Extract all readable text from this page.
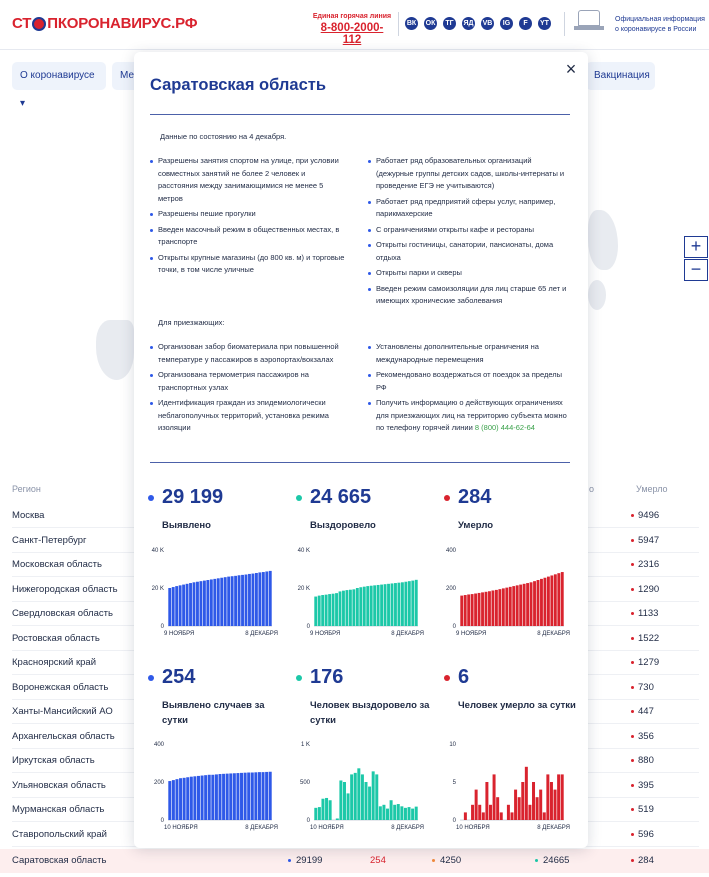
СТ ПКОРОНАВИРУС.РФ	Единая горячая линия
8-800-2000-112
ВК ОК	ТГ	ЯД VB	IG	F	YT
Официальная информация о коронавирусе в России
О коронавирусе ▾
Ме	Вакцинация
+
−
Регион	о	Умерло
Москва	9496
Санкт-Петербург	5947
Московская область	2316
Нижегородская область	1290
Свердловская область	1133
Ростовская область	1522
Красноярский край	1279
Воронежская область	730
Ханты-Мансийский АО	447
Архангельская область	356
Иркутская область	880
Ульяновская область	395
Мурманская область	519
Ставропольский край	596
Саратовская область	29199	254	4250	24665	284
Саратовская область
×
Данные по состоянию на 4 декабря.
Разрешены занятия спортом на улице, при условии совместных занятий не более 2 человек и расстояния между занимающимися не менее 5 метров
Разрешены пешие прогулки
Введен масочный режим в общественных местах, в транспорте
Открыты крупные магазины (до 800 кв. м) и торговые точки, в том числе уличные
Работает ряд образовательных организаций (дежурные группы детских садов, школы-интернаты и проведение ЕГЭ не учитываются)
Работает ряд предприятий сферы услуг, например, парикмахерские
С ограничениями открыты кафе и рестораны
Открыты гостиницы, санатории, пансионаты, дома отдыха
Открыты парки и скверы
Введен режим самоизоляции для лиц старше 65 лет и имеющих хронические заболевания
Для приезжающих:
Организован забор биоматериала при повышенной температуре у пассажиров в аэропортах/вокзалах
Организована термометрия пассажиров на транспортных узлах
Идентификация граждан из эпидемиологически неблагополучных территорий, установка режима изоляции
Установлены дополнительные ограничения на международные перемещения
Рекомендовано воздержаться от поездок за пределы РФ
Получить информацию о действующих ограничениях для приезжающих лиц на территорию субъекта можно по телефону горячей линии 8 (800) 444-62-64
29 199
Выявлено
24 665
Выздоровело
284
Умерло
254
Выявлено случаев за сутки
176
Человек выздоровело за сутки
6
Человек умерло за сутки
40 K
20 K
0
9 НОЯБРЯ	8 ДЕКАБРЯ
40 K
20 K
0
9 НОЯБРЯ	8 ДЕКАБРЯ
400
200
0
9 НОЯБРЯ	8 ДЕКАБРЯ
400
200
0
10 НОЯБРЯ	8 ДЕКАБРЯ
1 K
500
0
10 НОЯБРЯ	8 ДЕКАБРЯ
10
5
0
10 НОЯБРЯ	8 ДЕКАБРЯ
